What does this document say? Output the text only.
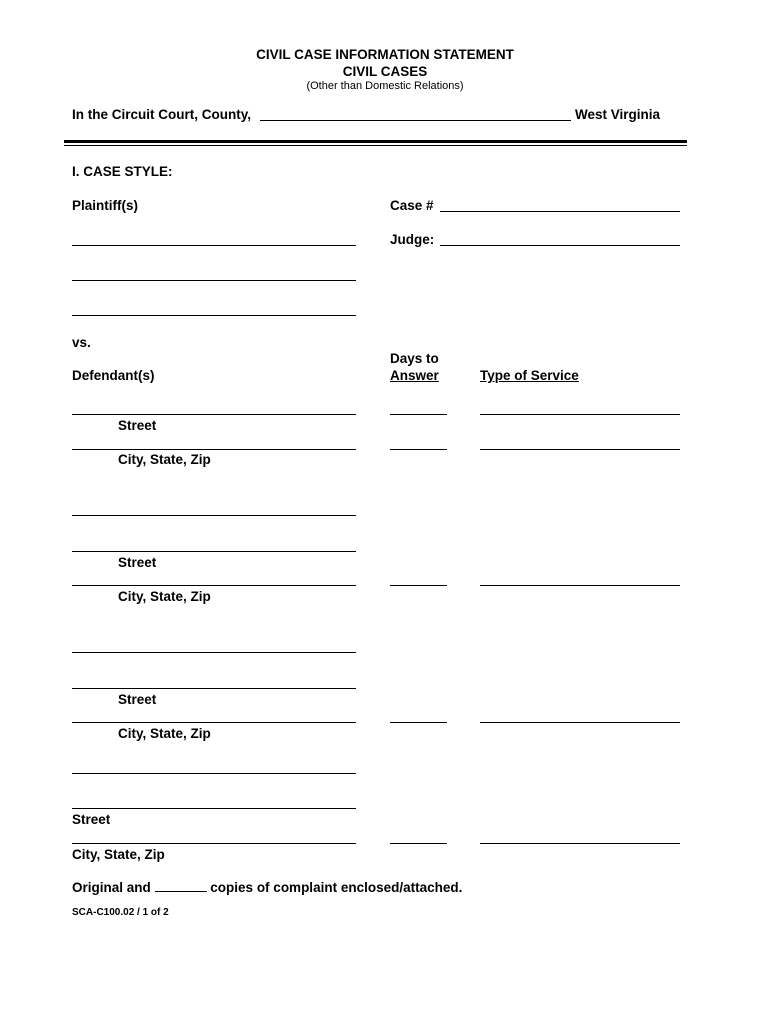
CIVIL CASE INFORMATION STATEMENT
CIVIL CASES
(Other than Domestic Relations)
In the Circuit Court, County,	West Virginia
I. CASE STYLE:
Plaintiff(s)	Case #
Judge:
vs.
Days to
Defendant(s)	Answer	Type of Service
Street
City, State, Zip
Street
City, State, Zip
Street
City, State, Zip
Street
City, State, Zip
Original and	copies of complaint enclosed/attached.
SCA-C100.02 / 1 of 2
